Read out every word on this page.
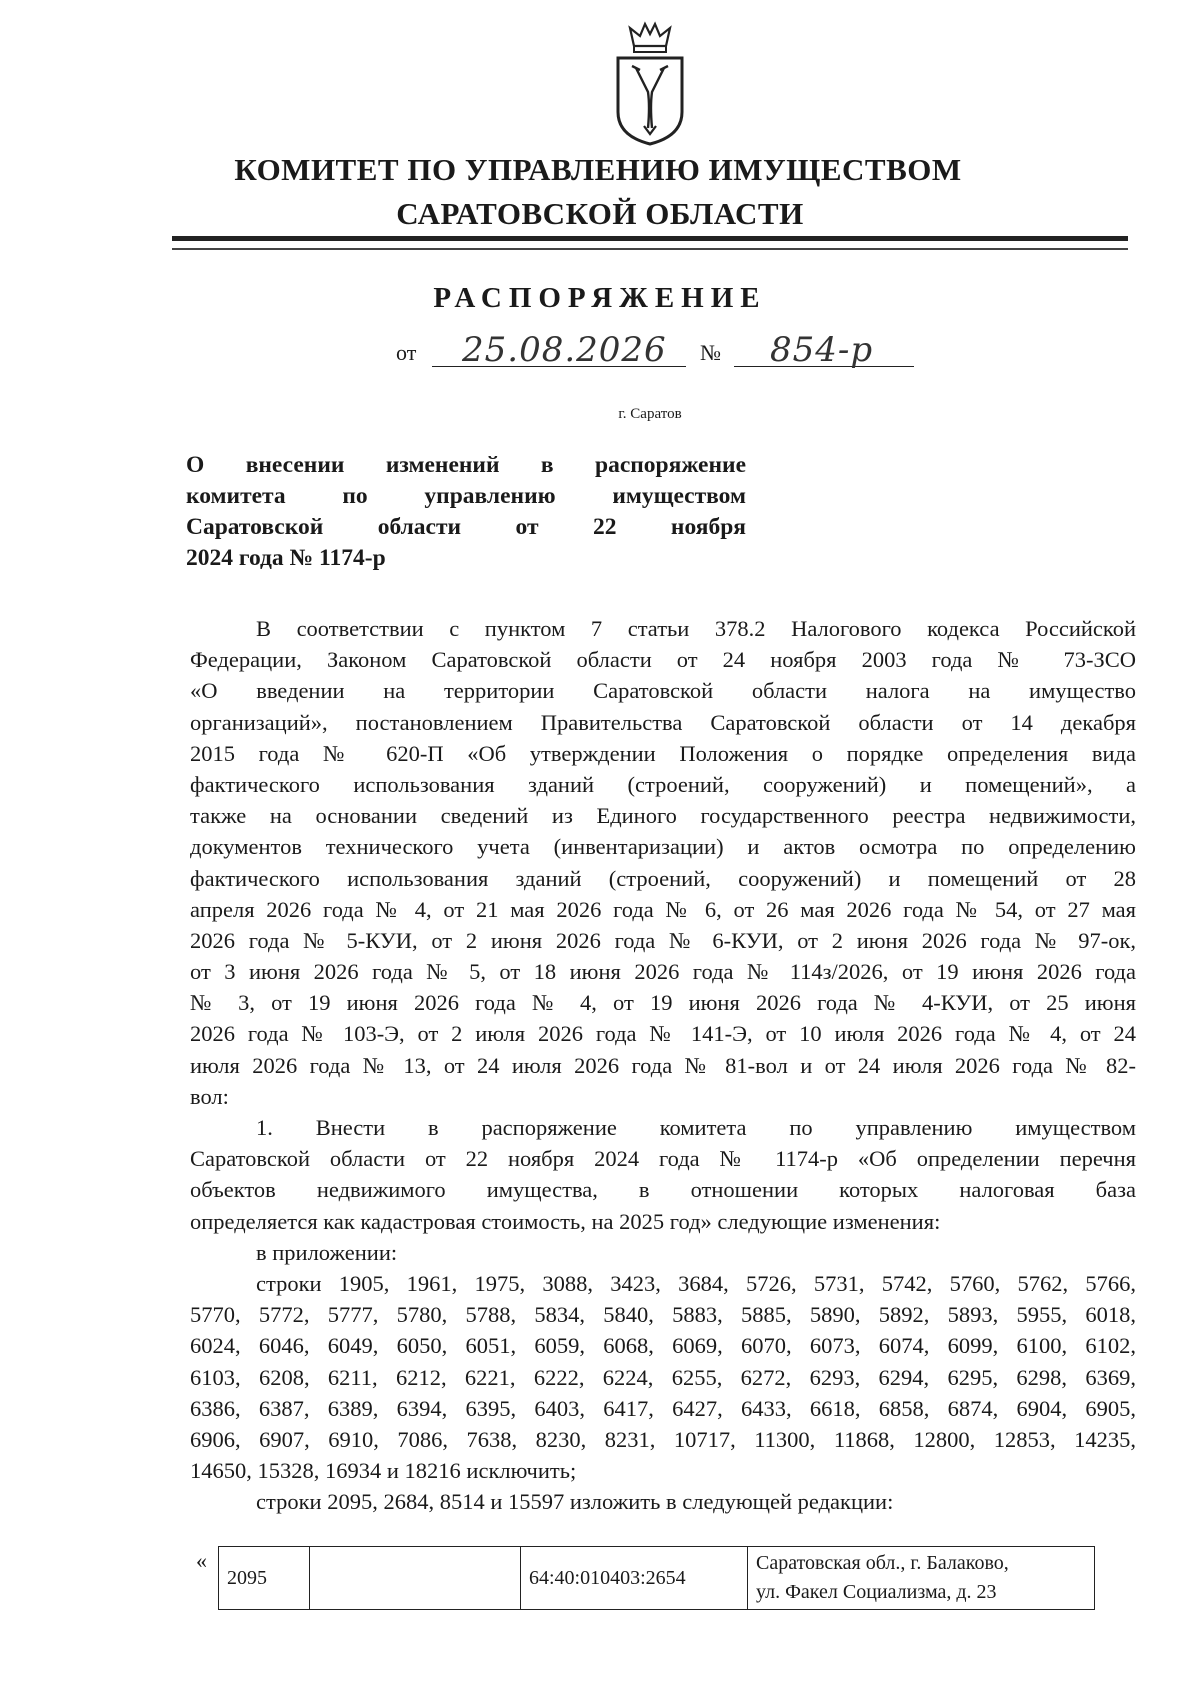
КОМИТЕТ ПО УПРАВЛЕНИЮ ИМУЩЕСТВОМ
САРАТОВСКОЙ ОБЛАСТИ
РАСПОРЯЖЕНИЕ
от 25.08.2026 № 854-р
г. Саратов
О внесении изменений в распоряжение
комитета по управлению имуществом
Саратовской области от 22 ноября
2024 года № 1174-р
В соответствии с пунктом 7 статьи 378.2 Налогового кодекса Российской
Федерации, Законом Саратовской области от 24 ноября 2003 года № 73-ЗСО
«О введении на территории Саратовской области налога на имущество
организаций», постановлением Правительства Саратовской области от 14 декабря
2015 года № 620-П «Об утверждении Положения о порядке определения вида
фактического использования зданий (строений, сооружений) и помещений», а
также на основании сведений из Единого государственного реестра недвижимости,
документов технического учета (инвентаризации) и актов осмотра по определению
фактического использования зданий (строений, сооружений) и помещений от 28
апреля 2026 года № 4, от 21 мая 2026 года № 6, от 26 мая 2026 года № 54, от 27 мая
2026 года № 5-КУИ, от 2 июня 2026 года № 6-КУИ, от 2 июня 2026 года № 97-ок,
от 3 июня 2026 года № 5, от 18 июня 2026 года № 114з/2026, от 19 июня 2026 года
№ 3, от 19 июня 2026 года № 4, от 19 июня 2026 года № 4-КУИ, от 25 июня
2026 года № 103-Э, от 2 июля 2026 года № 141-Э, от 10 июля 2026 года № 4, от 24
июля 2026 года № 13, от 24 июля 2026 года № 81-вол и от 24 июля 2026 года № 82-
вол:
1. Внести в распоряжение комитета по управлению имуществом
Саратовской области от 22 ноября 2024 года № 1174-р «Об определении перечня
объектов недвижимого имущества, в отношении которых налоговая база
определяется как кадастровая стоимость, на 2025 год» следующие изменения:
в приложении:
строки 1905, 1961, 1975, 3088, 3423, 3684, 5726, 5731, 5742, 5760, 5762, 5766,
5770, 5772, 5777, 5780, 5788, 5834, 5840, 5883, 5885, 5890, 5892, 5893, 5955, 6018,
6024, 6046, 6049, 6050, 6051, 6059, 6068, 6069, 6070, 6073, 6074, 6099, 6100, 6102,
6103, 6208, 6211, 6212, 6221, 6222, 6224, 6255, 6272, 6293, 6294, 6295, 6298, 6369,
6386, 6387, 6389, 6394, 6395, 6403, 6417, 6427, 6433, 6618, 6858, 6874, 6904, 6905,
6906, 6907, 6910, 7086, 7638, 8230, 8231, 10717, 11300, 11868, 12800, 12853, 14235,
14650, 15328, 16934 и 18216 исключить;
строки 2095, 2684, 8514 и 15597 изложить в следующей редакции:
«
2095		64:40:010403:2654	Саратовская обл., г. Балаково,
ул. Факел Социализма, д. 23
